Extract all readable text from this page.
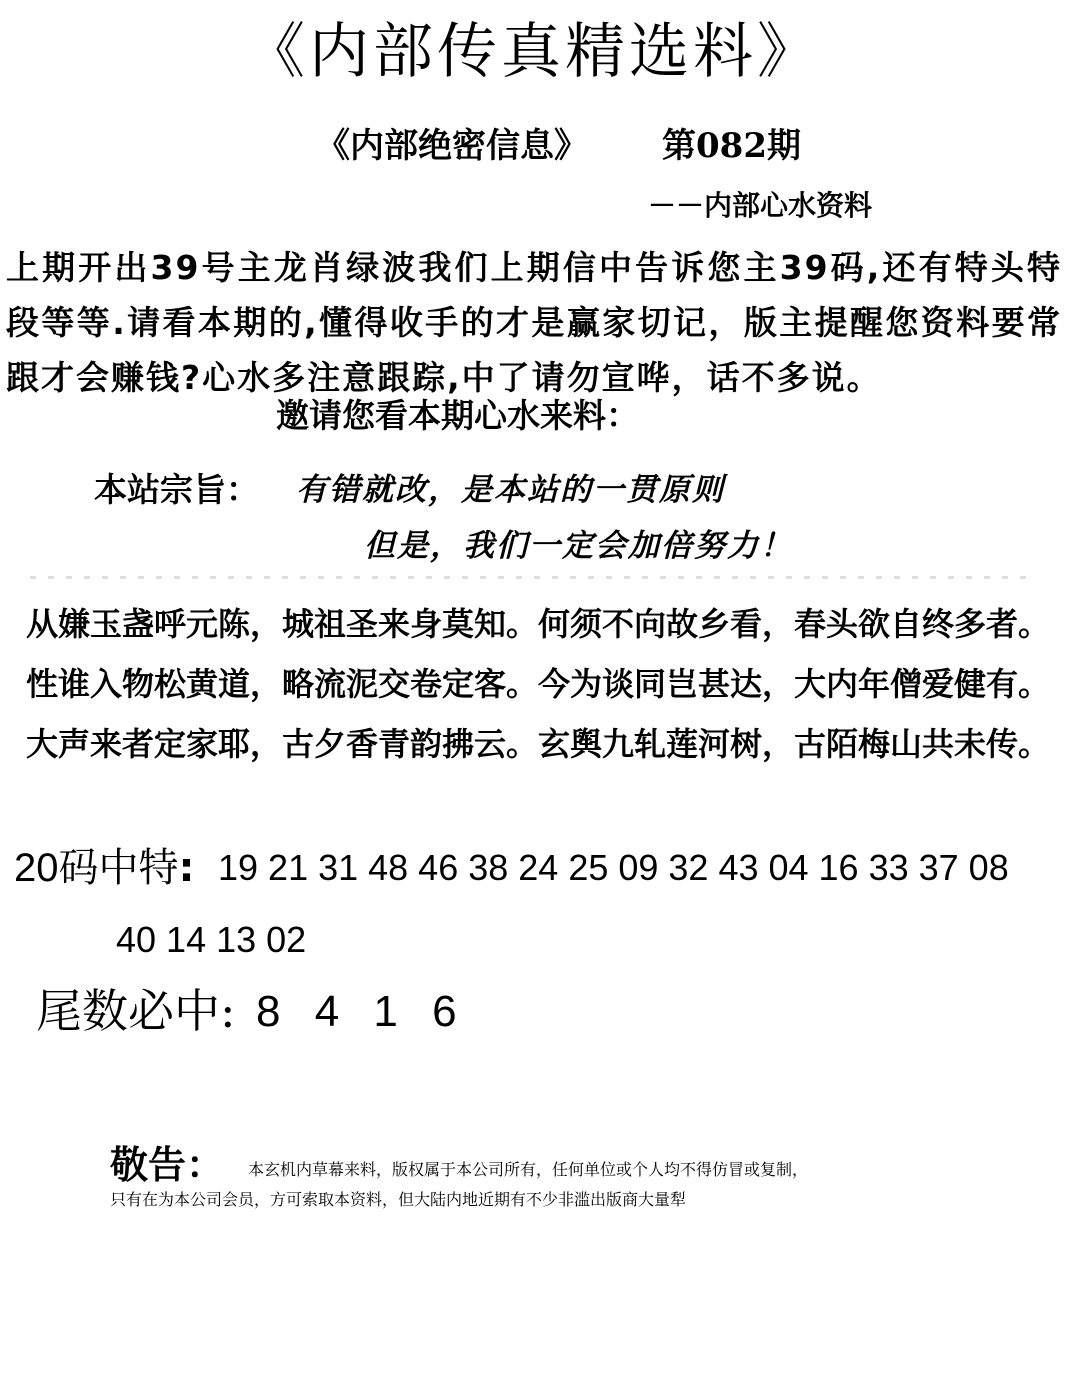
《内部传真精选料》
《内部绝密信息》 第082期
－－内部心水资料
上期开出39号主龙肖绿波我们上期信中告诉您主39码,还有特头特段等等.请看本期的,懂得收手的才是赢家切记，版主提醒您资料要常跟才会赚钱?心水多注意跟踪,中了请勿宣哗，话不多说。
邀请您看本期心水来料：
本站宗旨： 有错就改，是本站的一贯原则
但是，我们一定会加倍努力！
从嫌玉盏呼元陈，城祖圣来身莫知。何须不向故乡看，春头欲自终多者。
性谁入物松黄道，略流泥交卷定客。今为谈同岂甚达，大内年僧爱健有。
大声来者定家耶，古夕香青韵拂云。玄舆九轧莲河树，古陌梅山共未传。
20码中特: 19 21 31 48 46 38 24 25 09 32 43 04 16 33 37 08
40 14 13 02
尾数必中: 8 4 1 6
敬告： 本玄机内草幕来料，版权属于本公司所有，任何单位或个人均不得仿冒或复制，
只有在为本公司会员，方可索取本资料，但大陆内地近期有不少非滥出版商大量犁
